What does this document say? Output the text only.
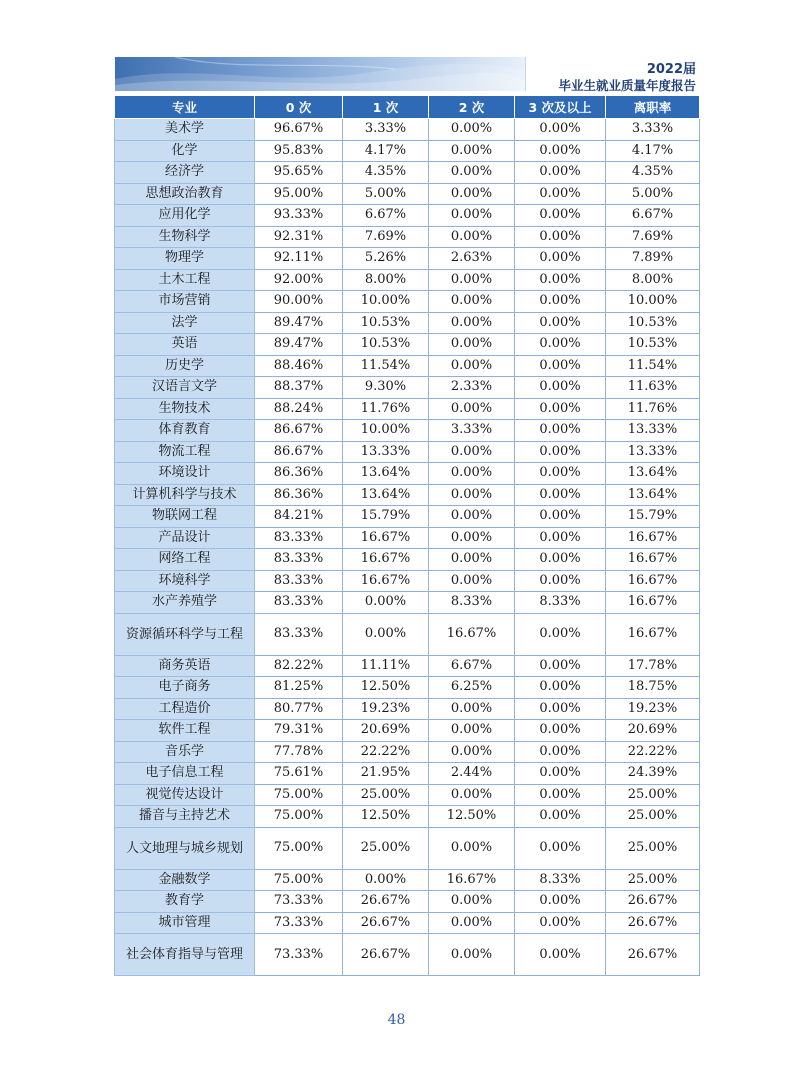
2022届
毕业生就业质量年度报告
专业	0 次	1 次	2 次	3 次及以上	离职率
美术学	96.67%	3.33%	0.00%	0.00%	3.33%
化学	95.83%	4.17%	0.00%	0.00%	4.17%
经济学	95.65%	4.35%	0.00%	0.00%	4.35%
思想政治教育	95.00%	5.00%	0.00%	0.00%	5.00%
应用化学	93.33%	6.67%	0.00%	0.00%	6.67%
生物科学	92.31%	7.69%	0.00%	0.00%	7.69%
物理学	92.11%	5.26%	2.63%	0.00%	7.89%
土木工程	92.00%	8.00%	0.00%	0.00%	8.00%
市场营销	90.00%	10.00%	0.00%	0.00%	10.00%
法学	89.47%	10.53%	0.00%	0.00%	10.53%
英语	89.47%	10.53%	0.00%	0.00%	10.53%
历史学	88.46%	11.54%	0.00%	0.00%	11.54%
汉语言文学	88.37%	9.30%	2.33%	0.00%	11.63%
生物技术	88.24%	11.76%	0.00%	0.00%	11.76%
体育教育	86.67%	10.00%	3.33%	0.00%	13.33%
物流工程	86.67%	13.33%	0.00%	0.00%	13.33%
环境设计	86.36%	13.64%	0.00%	0.00%	13.64%
计算机科学与技术	86.36%	13.64%	0.00%	0.00%	13.64%
物联网工程	84.21%	15.79%	0.00%	0.00%	15.79%
产品设计	83.33%	16.67%	0.00%	0.00%	16.67%
网络工程	83.33%	16.67%	0.00%	0.00%	16.67%
环境科学	83.33%	16.67%	0.00%	0.00%	16.67%
水产养殖学	83.33%	0.00%	8.33%	8.33%	16.67%
资源循环科学与工程	83.33%	0.00%	16.67%	0.00%	16.67%
商务英语	82.22%	11.11%	6.67%	0.00%	17.78%
电子商务	81.25%	12.50%	6.25%	0.00%	18.75%
工程造价	80.77%	19.23%	0.00%	0.00%	19.23%
软件工程	79.31%	20.69%	0.00%	0.00%	20.69%
音乐学	77.78%	22.22%	0.00%	0.00%	22.22%
电子信息工程	75.61%	21.95%	2.44%	0.00%	24.39%
视觉传达设计	75.00%	25.00%	0.00%	0.00%	25.00%
播音与主持艺术	75.00%	12.50%	12.50%	0.00%	25.00%
人文地理与城乡规划	75.00%	25.00%	0.00%	0.00%	25.00%
金融数学	75.00%	0.00%	16.67%	8.33%	25.00%
教育学	73.33%	26.67%	0.00%	0.00%	26.67%
城市管理	73.33%	26.67%	0.00%	0.00%	26.67%
社会体育指导与管理	73.33%	26.67%	0.00%	0.00%	26.67%
48
